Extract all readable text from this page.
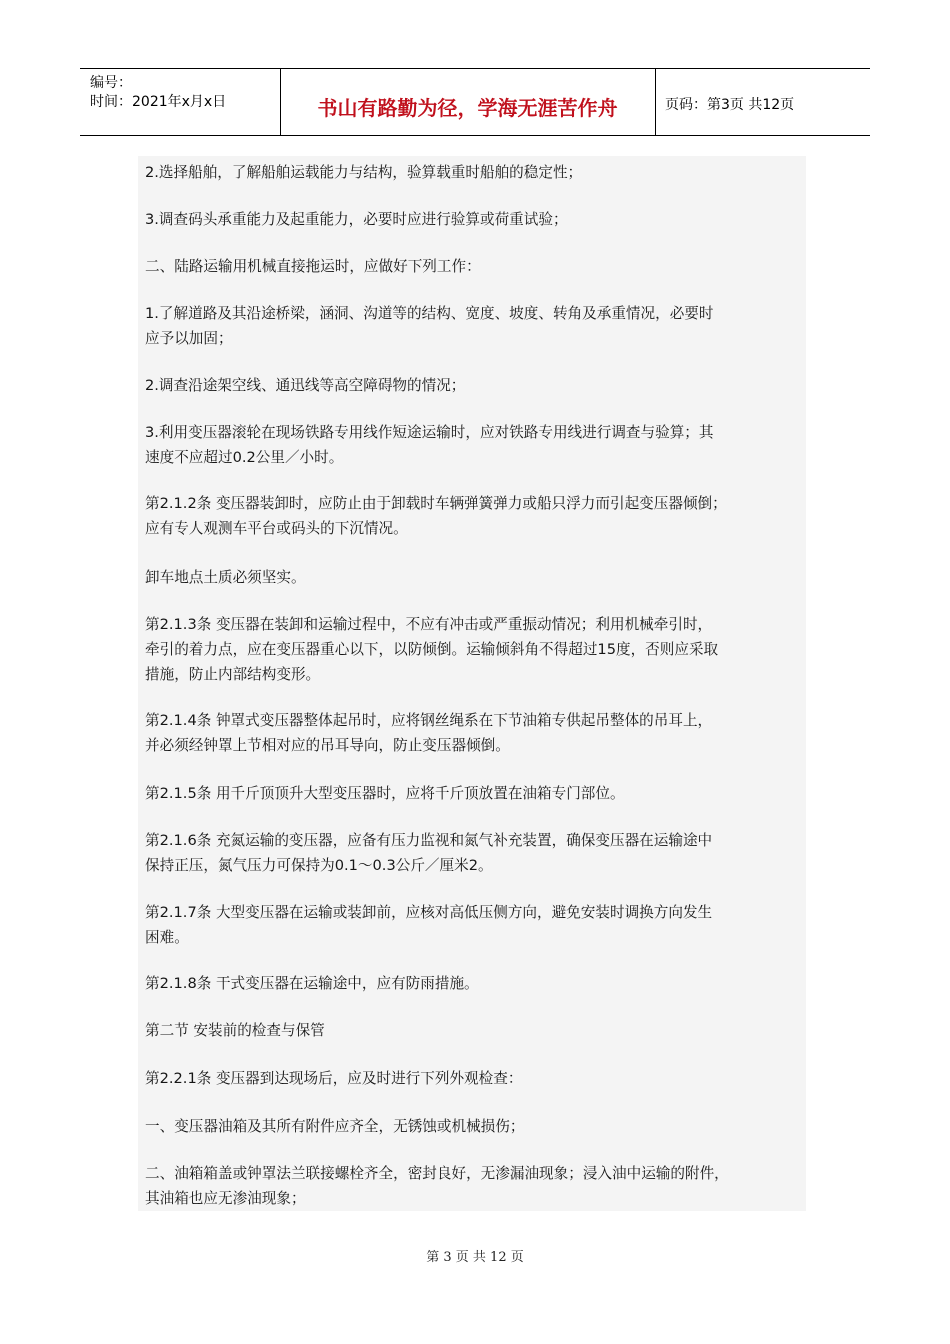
编号：
时间：2021年x月x日	书山有路勤为径，学海无涯苦作舟	页码：第3页 共12页
2.选择船舶，了解船舶运载能力与结构，验算载重时船舶的稳定性；
3.调查码头承重能力及起重能力，必要时应进行验算或荷重试验；
二、陆路运输用机械直接拖运时，应做好下列工作：
1.了解道路及其沿途桥梁，涵洞、沟道等的结构、宽度、坡度、转角及承重情况，必要时
应予以加固；
2.调查沿途架空线、通迅线等高空障碍物的情况；
3.利用变压器滚轮在现场铁路专用线作短途运输时，应对铁路专用线进行调查与验算；其
速度不应超过0.2公里／小时。
第2.1.2条 变压器装卸时，应防止由于卸载时车辆弹簧弹力或船只浮力而引起变压器倾倒；
应有专人观测车平台或码头的下沉情况。
卸车地点土质必须坚实。
第2.1.3条 变压器在装卸和运输过程中，不应有冲击或严重振动情况；利用机械牵引时，
牵引的着力点，应在变压器重心以下，以防倾倒。运输倾斜角不得超过15度，否则应采取
措施，防止内部结构变形。
第2.1.4条 钟罩式变压器整体起吊时，应将钢丝绳系在下节油箱专供起吊整体的吊耳上，
并必须经钟罩上节相对应的吊耳导向，防止变压器倾倒。
第2.1.5条 用千斤顶顶升大型变压器时，应将千斤顶放置在油箱专门部位。
第2.1.6条 充氮运输的变压器，应备有压力监视和氮气补充装置，确保变压器在运输途中
保持正压，氮气压力可保持为0.1～0.3公斤／厘米2。
第2.1.7条 大型变压器在运输或装卸前，应核对高低压侧方向，避免安装时调换方向发生
困难。
第2.1.8条 干式变压器在运输途中，应有防雨措施。
第二节 安装前的检查与保管
第2.2.1条 变压器到达现场后，应及时进行下列外观检查：
一、变压器油箱及其所有附件应齐全，无锈蚀或机械损伤；
二、油箱箱盖或钟罩法兰联接螺栓齐全，密封良好，无渗漏油现象；浸入油中运输的附件，
其油箱也应无渗油现象；
第 3 页 共 12 页
